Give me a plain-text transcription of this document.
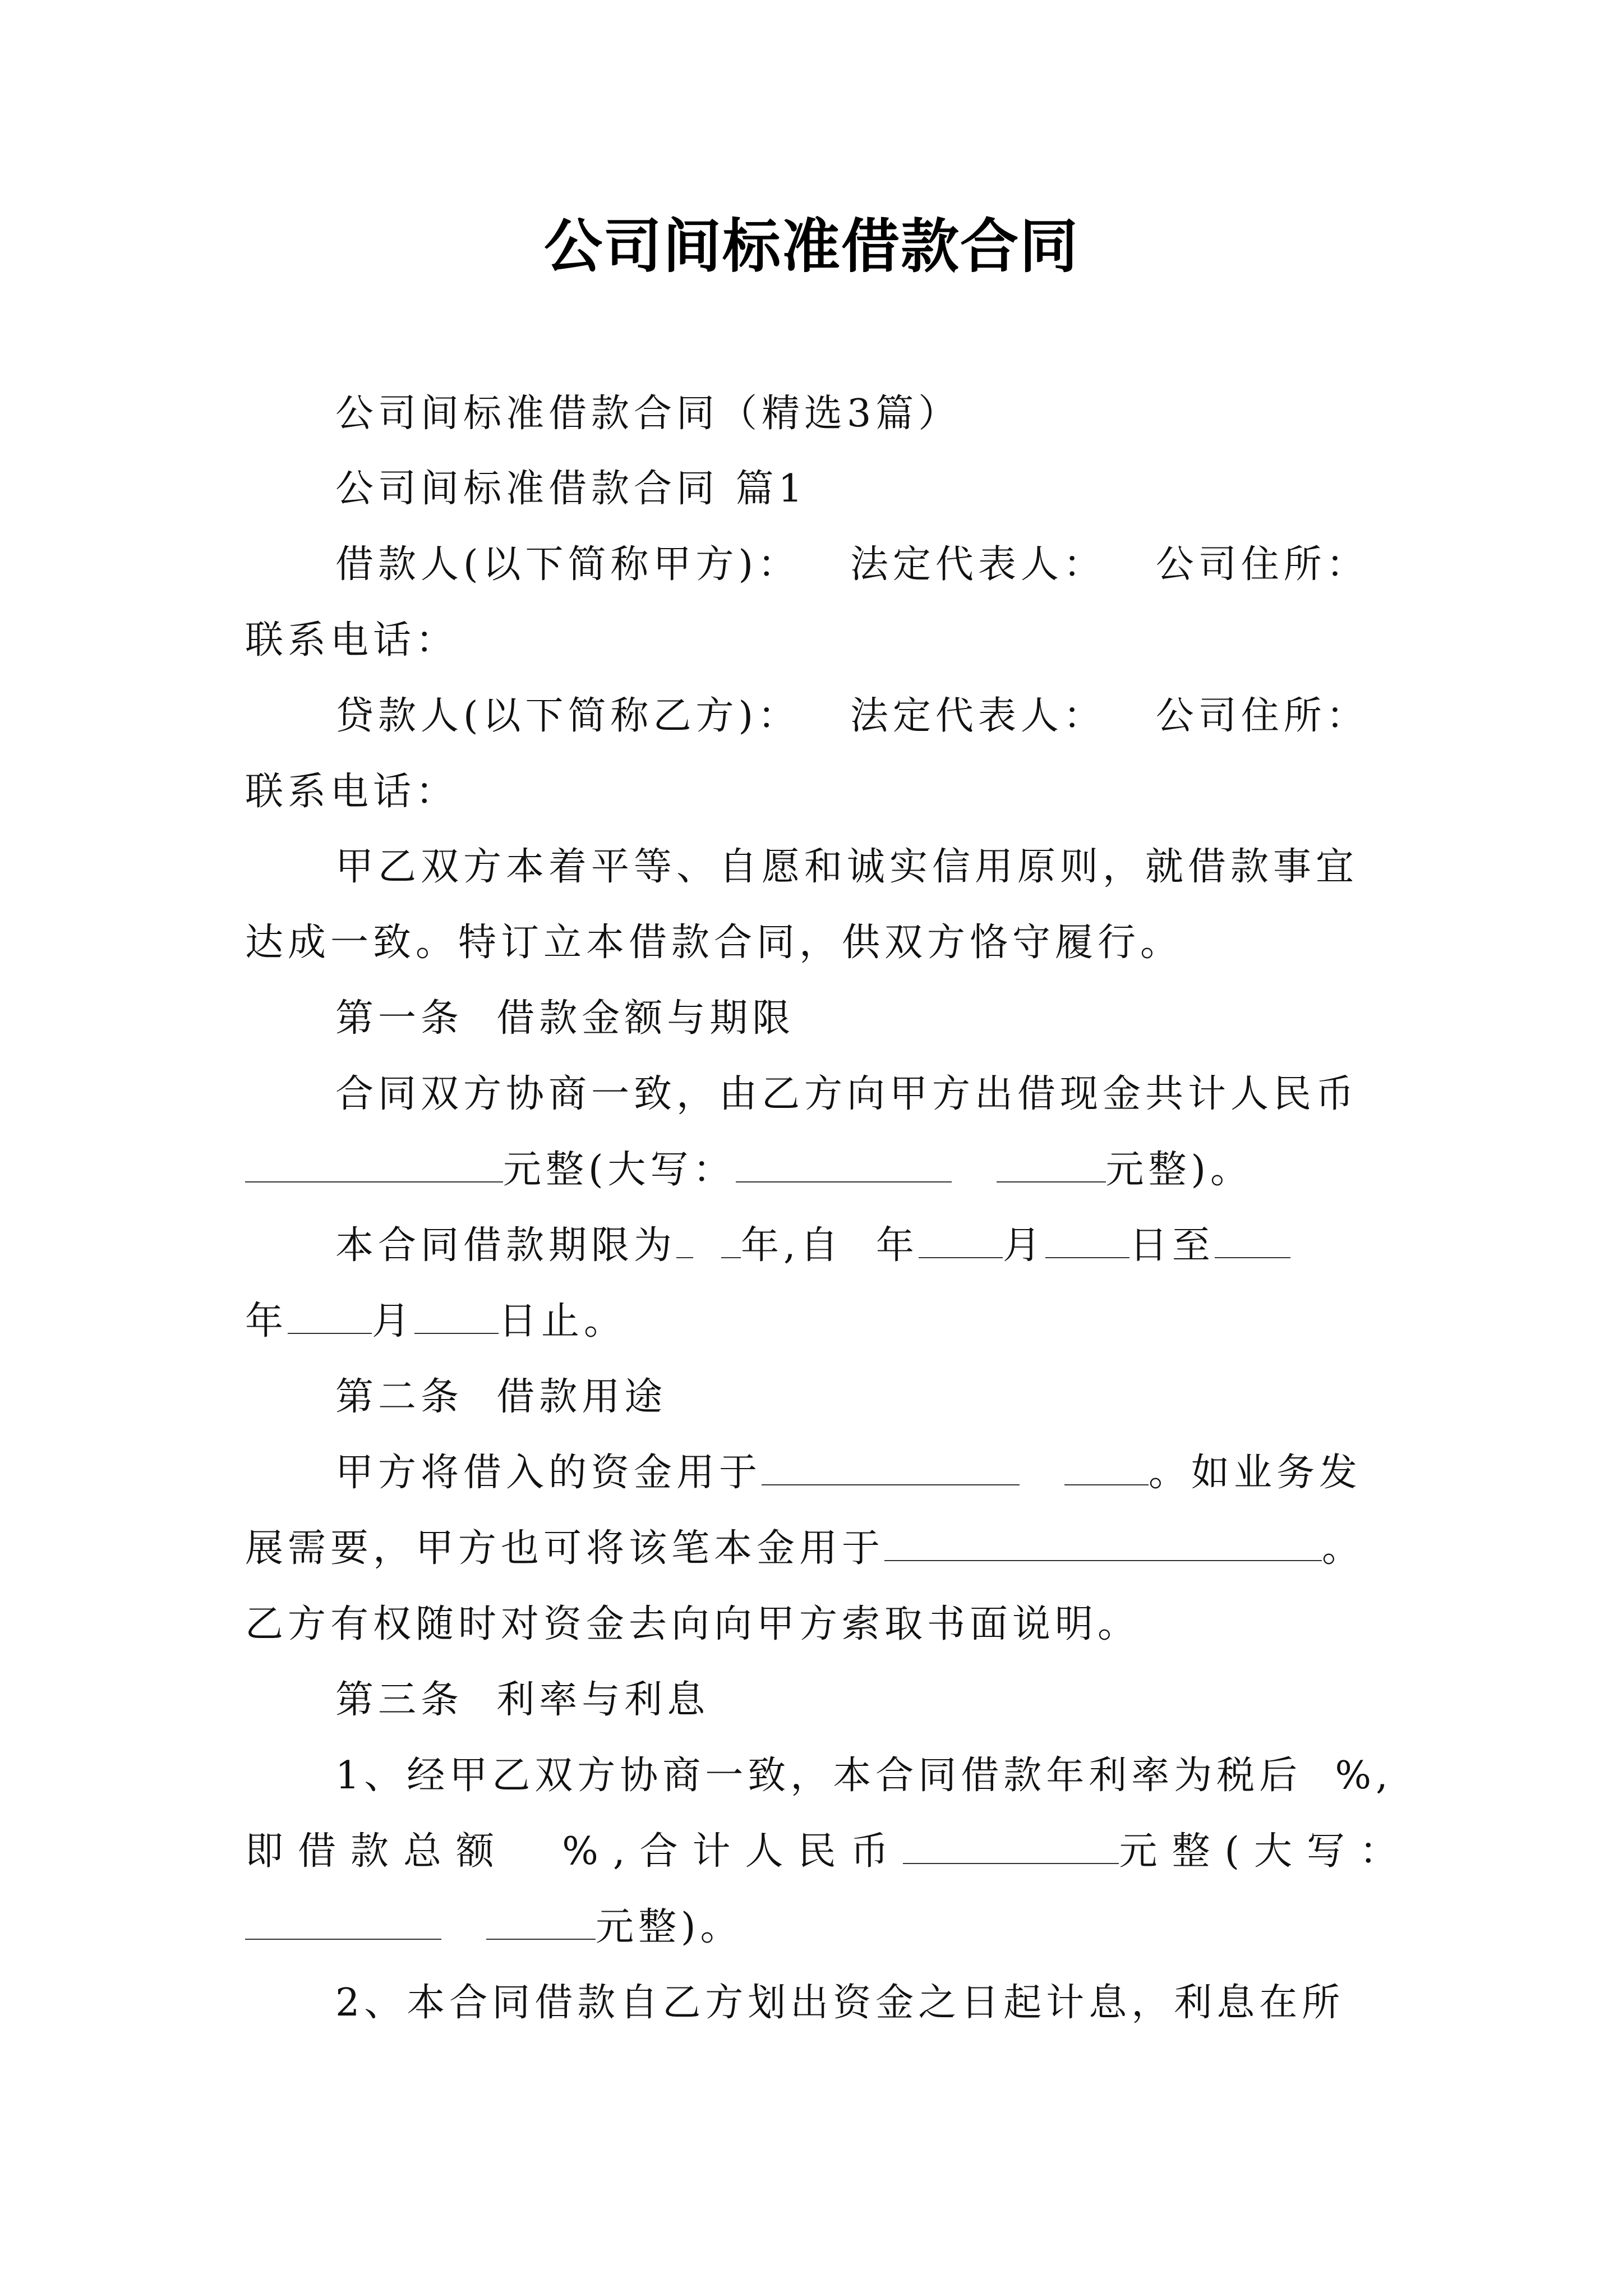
公司间标准借款合同
公司间标准借款合同（精选3篇）
公司间标准借款合同 篇1
借款人(以下简称甲方)：   法定代表人：   公司住所：
联系电话：
贷款人(以下简称乙方)：   法定代表人：   公司住所：
联系电话：
甲乙双方本着平等、自愿和诚实信用原则，就借款事宜
达成一致。特订立本借款合同，供双方恪守履行。
第一条  借款金额与期限
合同双方协商一致，由乙方向甲方出借现金共计人民币
元整(大写：	元整)。
本合同借款期限为 年,自  年 月 日至
年 月 日止。
第二条  借款用途
甲方将借入的资金用于	。如业务发
展需要，甲方也可将该笔本金用于	。
乙方有权随时对资金去向向甲方索取书面说明。
第三条  利率与利息
1、经甲乙双方协商一致，本合同借款年利率为税后  %,
即借款总额  %,合计人民币	元整(大写：
元整)。
2、本合同借款自乙方划出资金之日起计息，利息在所
